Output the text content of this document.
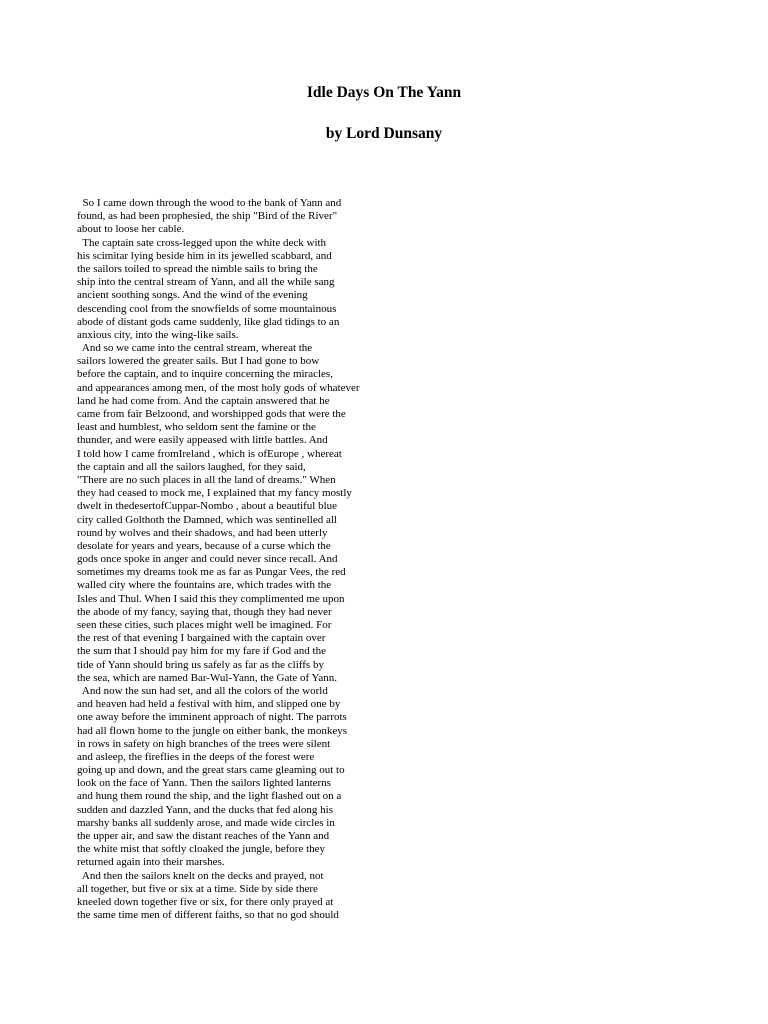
Idle Days On The Yann
by Lord Dunsany
So I came down through the wood to the bank of Yann and
found, as had been prophesied, the ship "Bird of the River"
about to loose her cable.
The captain sate cross-legged upon the white deck with
his scimitar lying beside him in its jewelled scabbard, and
the sailors toiled to spread the nimble sails to bring the
ship into the central stream of Yann, and all the while sang
ancient soothing songs. And the wind of the evening
descending cool from the snowfields of some mountainous
abode of distant gods came suddenly, like glad tidings to an
anxious city, into the wing-like sails.
And so we came into the central stream, whereat the
sailors lowered the greater sails. But I had gone to bow
before the captain, and to inquire concerning the miracles,
and appearances among men, of the most holy gods of whatever
land he had come from. And the captain answered that he
came from fair Belzoond, and worshipped gods that were the
least and humblest, who seldom sent the famine or the
thunder, and were easily appeased with little battles. And
I told how I came fromIreland , which is ofEurope , whereat
the captain and all the sailors laughed, for they said,
"There are no such places in all the land of dreams." When
they had ceased to mock me, I explained that my fancy mostly
dwelt in thedesertofCuppar-Nombo , about a beautiful blue
city called Golthoth the Damned, which was sentinelled all
round by wolves and their shadows, and had been utterly
desolate for years and years, because of a curse which the
gods once spoke in anger and could never since recall. And
sometimes my dreams took me as far as Pungar Vees, the red
walled city where the fountains are, which trades with the
Isles and Thul. When I said this they complimented me upon
the abode of my fancy, saying that, though they had never
seen these cities, such places might well be imagined. For
the rest of that evening I bargained with the captain over
the sum that I should pay him for my fare if God and the
tide of Yann should bring us safely as far as the cliffs by
the sea, which are named Bar-Wul-Yann, the Gate of Yann.
And now the sun had set, and all the colors of the world
and heaven had held a festival with him, and slipped one by
one away before the imminent approach of night. The parrots
had all flown home to the jungle on either bank, the monkeys
in rows in safety on high branches of the trees were silent
and asleep, the fireflies in the deeps of the forest were
going up and down, and the great stars came gleaming out to
look on the face of Yann. Then the sailors lighted lanterns
and hung them round the ship, and the light flashed out on a
sudden and dazzled Yann, and the ducks that fed along his
marshy banks all suddenly arose, and made wide circles in
the upper air, and saw the distant reaches of the Yann and
the white mist that softly cloaked the jungle, before they
returned again into their marshes.
And then the sailors knelt on the decks and prayed, not
all together, but five or six at a time. Side by side there
kneeled down together five or six, for there only prayed at
the same time men of different faiths, so that no god should
